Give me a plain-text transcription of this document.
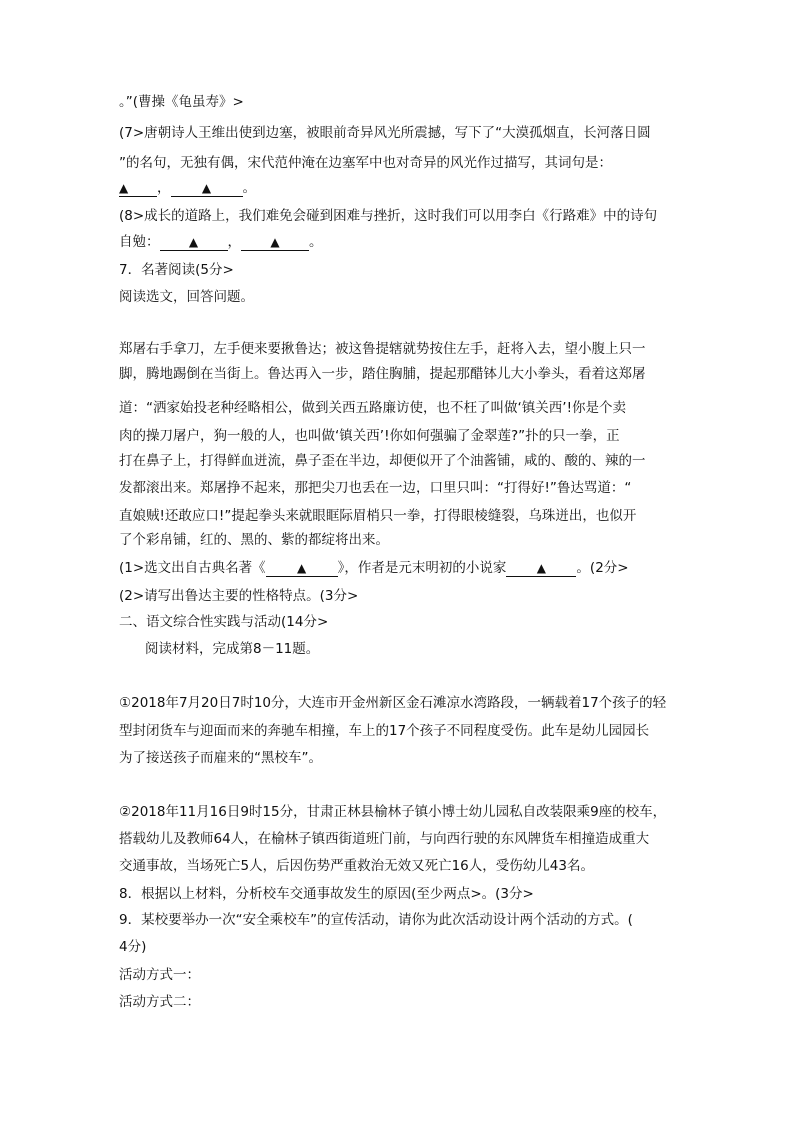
。”(曹操《龟虽寿》>
(7>唐朝诗人王维出使到边塞，被眼前奇异风光所震撼，写下了“大漠孤烟直，长河落日圆
”的名句，无独有偶，宋代范仲淹在边塞军中也对奇异的风光作过描写，其词句是：
▲ ，	▲ 。
(8>成长的道路上，我们难免会碰到困难与挫折，这时我们可以用李白《行路难》中的诗句
自勉： ▲ ， ▲ 。
7．名著阅读(5分>
阅读选文，回答问题。
郑屠右手拿刀，左手便来要揪鲁达；被这鲁提辖就势按住左手，赶将入去，望小腹上只一
脚，腾地踢倒在当街上。鲁达再入一步，踏住胸脯，提起那醋钵儿大小拳头，看着这郑屠
道：“洒家始投老种经略相公，做到关西五路廉访使，也不枉了叫做‘镇关西’!你是个卖
肉的操刀屠户，狗一般的人，也叫做‘镇关西’!你如何强骗了金翠莲?”扑的只一拳，正
打在鼻子上，打得鲜血迸流，鼻子歪在半边，却便似开了个油酱铺，咸的、酸的、辣的一
发都滚出来。郑屠挣不起来，那把尖刀也丢在一边，口里只叫：“打得好!”鲁达骂道：“
直娘贼!还敢应口!”提起拳头来就眼眶际眉梢只一拳，打得眼棱缝裂，乌珠迸出，也似开
了个彩帛铺，红的、黑的、紫的都绽将出来。
(1>选文出自古典名著《	▲ 》，作者是元末明初的小说家	▲ 。(2分>
(2>请写出鲁达主要的性格特点。(3分>
二、语文综合性实践与活动(14分>
阅读材料，完成第8－11题。
①2018年7月20日7时10分，大连市开金州新区金石滩凉水湾路段，一辆载着17个孩子的轻
型封闭货车与迎面而来的奔驰车相撞，车上的17个孩子不同程度受伤。此车是幼儿园园长
为了接送孩子而雇来的“黑校车”。
②2018年11月16日9时15分，甘肃正林县榆林子镇小博士幼儿园私自改装限乘9座的校车，
搭载幼儿及教师64人，在榆林子镇西街道班门前，与向西行驶的东风牌货车相撞造成重大
交通事故，当场死亡5人，后因伤势严重救治无效又死亡16人，受伤幼儿43名。
8．根据以上材料，分析校车交通事故发生的原因(至少两点>。(3分>
9．某校要举办一次“安全乘校车”的宣传活动，请你为此次活动设计两个活动的方式。(
4分)
活动方式一：
活动方式二：
